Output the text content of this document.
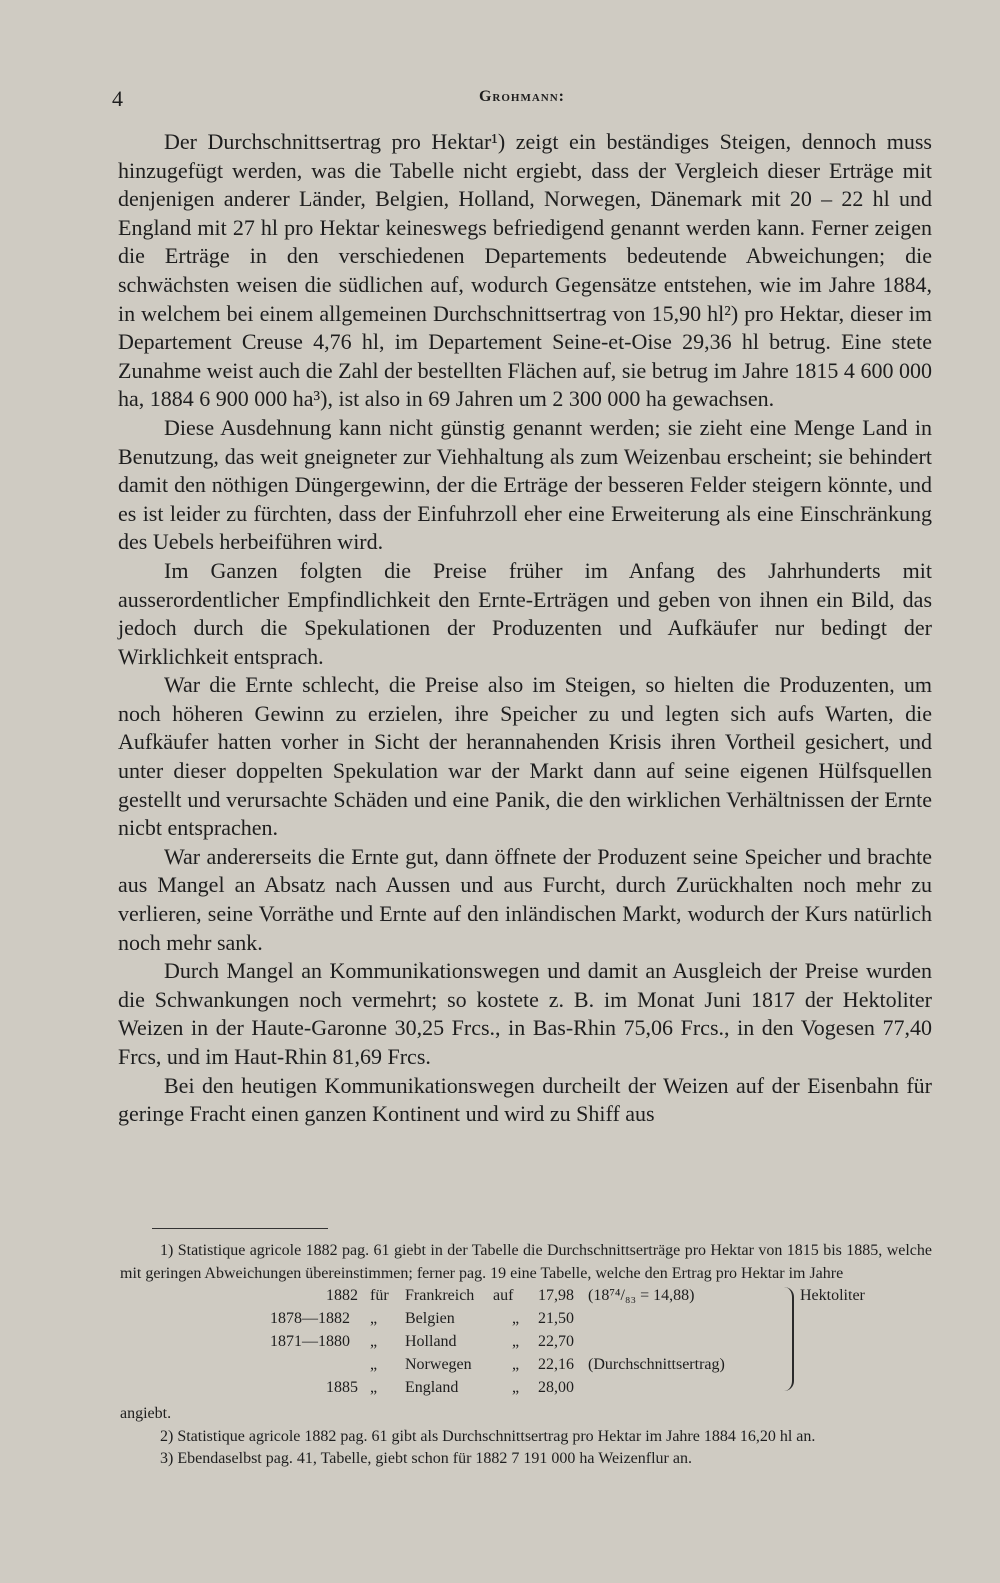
4	Grohmann:

Der Durchschnittsertrag pro Hektar¹) zeigt ein beständiges Steigen, dennoch muss hinzugefügt werden, was die Tabelle nicht ergiebt, dass der Vergleich dieser Erträge mit denjenigen anderer Länder, Belgien, Holland, Norwegen, Dänemark mit 20 – 22 hl und England mit 27 hl pro Hektar keineswegs befriedigend genannt werden kann. Ferner zeigen die Erträge in den verschiedenen Departements bedeutende Abweichungen; die schwächsten weisen die südlichen auf, wodurch Gegensätze entstehen, wie im Jahre 1884, in welchem bei einem allgemeinen Durchschnittsertrag von 15,90 hl²) pro Hektar, dieser im Departement Creuse 4,76 hl, im Departement Seine-et-Oise 29,36 hl betrug. Eine stete Zunahme weist auch die Zahl der bestellten Flächen auf, sie betrug im Jahre 1815 4 600 000 ha, 1884 6 900 000 ha³), ist also in 69 Jahren um 2 300 000 ha gewachsen.

Diese Ausdehnung kann nicht günstig genannt werden; sie zieht eine Menge Land in Benutzung, das weit gneigneter zur Viehhaltung als zum Weizenbau erscheint; sie behindert damit den nöthigen Düngergewinn, der die Erträge der besseren Felder steigern könnte, und es ist leider zu fürchten, dass der Einfuhrzoll eher eine Erweiterung als eine Einschränkung des Uebels herbeiführen wird.

Im Ganzen folgten die Preise früher im Anfang des Jahrhunderts mit ausserordentlicher Empfindlichkeit den Ernte-Erträgen und geben von ihnen ein Bild, das jedoch durch die Spekulationen der Produzenten und Aufkäufer nur bedingt der Wirklichkeit entsprach.

War die Ernte schlecht, die Preise also im Steigen, so hielten die Produzenten, um noch höheren Gewinn zu erzielen, ihre Speicher zu und legten sich aufs Warten, die Aufkäufer hatten vorher in Sicht der herannahenden Krisis ihren Vortheil gesichert, und unter dieser doppelten Spekulation war der Markt dann auf seine eigenen Hülfsquellen gestellt und verursachte Schäden und eine Panik, die den wirklichen Verhältnissen der Ernte nicbt entsprachen.

War andererseits die Ernte gut, dann öffnete der Produzent seine Speicher und brachte aus Mangel an Absatz nach Aussen und aus Furcht, durch Zurückhalten noch mehr zu verlieren, seine Vorräthe und Ernte auf den inländischen Markt, wodurch der Kurs natürlich noch mehr sank.

Durch Mangel an Kommunikationswegen und damit an Ausgleich der Preise wurden die Schwankungen noch vermehrt; so kostete z. B. im Monat Juni 1817 der Hektoliter Weizen in der Haute-Garonne 30,25 Frcs., in Bas-Rhin 75,06 Frcs., in den Vogesen 77,40 Frcs, und im Haut-Rhin 81,69 Frcs.

Bei den heutigen Kommunikationswegen durcheilt der Weizen auf der Eisenbahn für geringe Fracht einen ganzen Kontinent und wird zu Shiff aus

1) Statistique agricole 1882 pag. 61 giebt in der Tabelle die Durchschnittserträge pro Hektar von 1815 bis 1885, welche mit geringen Abweichungen übereinstimmen; ferner pag. 19 eine Tabelle, welche den Ertrag pro Hektar im Jahre

1882 für Frankreich auf 17,98 (18⁷⁴/₈₃ = 14,88)
1878—1882 „ Belgien	„ 21,50
1871—1880 „ Holland	„ 22,70
„ Norwegen	„ 22,16 (Durchschnittsertrag)
1885 „ England	„ 28,00
Hektoliter

angiebt.

2) Statistique agricole 1882 pag. 61 gibt als Durchschnittsertrag pro Hektar im Jahre 1884 16,20 hl an.

3) Ebendaselbst pag. 41, Tabelle, giebt schon für 1882 7 191 000 ha Weizenflur an.
